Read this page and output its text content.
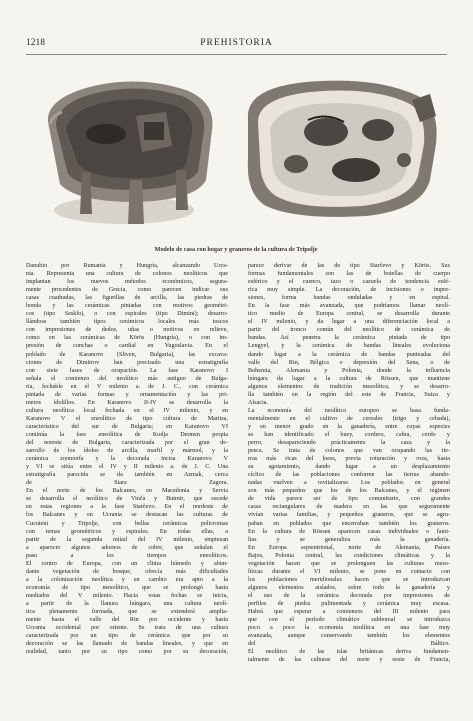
1218	PREHISTORIA
Modelo de casa con hogar y graneros de la cultura de Tripolje
Danubio por Rumania y Hungría, alcanzando Ucra-
nia. Representa una cultura de colonos neolíticos que
implantan los nuevos métodos económicos, segura-
mente procedentes de Grecia, como parecen indicar sus
casas cuadradas, las figurillas de arcilla, las piedras de
honda y las cerámicas pintadas con motivos geométri-
cos (tipo Sesklo), o con espirales (tipo Dimini); desarro-
llándose también tipos cerámicos locales más toscos
con impresiones de dedos, uñas o motivos en relieve,
como en las cerámicas de Körös (Hungría), o con im-
presión de conchas o cardial en Yugoslavia. En el
poblado de Karanovo (Sliven, Bulgaria), las excava-
ciones de Dimitrov han precisado una estratigrafía
con siete fases de ocupación. La fase Karanovo I
señala el comienzo del neolítico más antiguo de Bulga-
ria, fechable en el V milenio a. de J. C., con cerámica
pintada de varias formas y ornamentación y las pri-
meros ídolillos. En Karanovo II-IV se desarrolla la
cultura neolítica local fechada en el IV milenio, y en
Karanovo V el eneolítico de tipo cultura de Maritsa,
característico del sur de Bulgaria; en Karanovo VI
continúa la fase eneolítica de Kodja Dermen propia
del noreste de Bulgaria, caracterizada por el gran de-
sarrollo de los ídolos de arcilla, marfil y mármol, y la
cerámica zoomorfa y la decorada incisa Karanovo V
y VI se sitúa entre el IV y II milenio a. de J. C. Una
estratigrafía parecida se da también en Azmak, cerca
de Stara Zagora.
En el norte de los Balcanes, en Macedonia y Servia
se desarrolla el neolítico de Vinča y Butmir, que sucede
en estas regiones a la fase Starčevo. En el nordeste de
los Balcanes y en Ucrania se destacan las culturas de
Cucuteni y Tripolje, con bellas cerámicas policromas
con temas geométricos y espirales. En todas ellas, a
partir de la segunda mitad del IV milenio, empiezan
a aparecer algunos adornos de cobre, que señalan el
paso a los tiempos eneolíticos.
El centro de Europa, con un clima húmedo y abun-
dante vegetación de bosque, ofrecía más dificultades
a la colonización neolítica y en cambio era apto a la
economía de tipo mesolítico, que se prolongó hasta
mediados del V milenio. Hacia estas fechas se inicia,
a partir de la llanura húngara, una cultura neolí-
tica plenamente formada, que se extenderá amplia-
mente hasta el valle del Rin por occidente y hasta
Ucrania occidental por oriente. Se trata de una cultura
caracterizada por un tipo de cerámica que por su
decoración se las llamado de bandas lineales, y que en
realidad, tanto por su tipo como por su decoración,
parece derivar de las de tipo Starčevo y Körös. Sus
formas fundamentales son las de botellas de cuerpo
esférico y el cuenco, tazo o cazuela de tendencia esfé-
rica muy simple. La decoración, de incisiones o impre-
siones, forma bandas onduladas y en espiral.
En la fase más avanzada, que podríamos llamar neolí-
tico medio de Europa central, se desarrolla durante
el IV milenio, y da lugar a una diferenciación local a
partir del tronco común del neolítico de cerámica de
bandas. Así penetra la cerámica pintada de tipo
Lengyel, y la cerámica de bandas lineales evoluciona
dando lugar a la cerámica de bandas punteadas del
valle del Rin, Bélgica o depresión del Sena, o de
Bohemia, Alemania y Polonia, donde la influencia
húngara da lugar a la cultura de Rössen, que mantiene
algunos elementos de tradición mesolítica, y se desarro-
lla también en la región del este de Francia, Suiza y
Alsacia.
La economía del neolítico europeo se basa funda-
mentalmente en el cultivo de cereales (trigo y cebada),
y en menor grado en la ganadería, entre cuyas especies
se han identificado el buey, cordero, cabra, cerdo y
perro, desapareciendo prácticamente la caza y la
pesca. Se trata de colonos que van ocupando las tie-
rras más ricas del loess, previa roturación y roza, hasta
su agotamiento, dando lugar a un desplazamiento
cíclico de las poblaciones conforme las tierras abando-
nadas vuelven a revitalizarse. Los poblados en general
son más pequeños que los de los Balcanes, y el régimen
de vida parece ser de tipo comunitario, con grandes
casas rectangulares de madera en las que seguramente
vivían varias familias, y pequeños graneros, que se agru-
paban en poblados que encerraban también los graneros.
En la cultura de Rössen aparecen casas individuales o fami-
lias y se generaliza más la ganadería.
En Europa septentrional, norte de Alemania, Países
Bajos, Polonia central, las condiciones climáticas y la
vegetación hacen que se prolonguen las culturas meso-
líticas durante el VI milenio, se pone en contacto con
los poblaciones meridionales hacen que se introduzcan
algunos elementos aislados, sobre todo la ganadería y
el uso de la cerámica decorada por impresiones de
perfiles de piedra pulimentada y cerámica muy escasa.
Habrá que esperar a comienzos del III milenio para
que con el período climático subboreal se introduzca
poco a poco la economía neolítica en una fase muy
avanzada, aunque conservando también los elementos
del Báltico.
El neolítico de las islas británicas deriva fundamen-
talmente de las culturas del norte y oeste de Francia,
